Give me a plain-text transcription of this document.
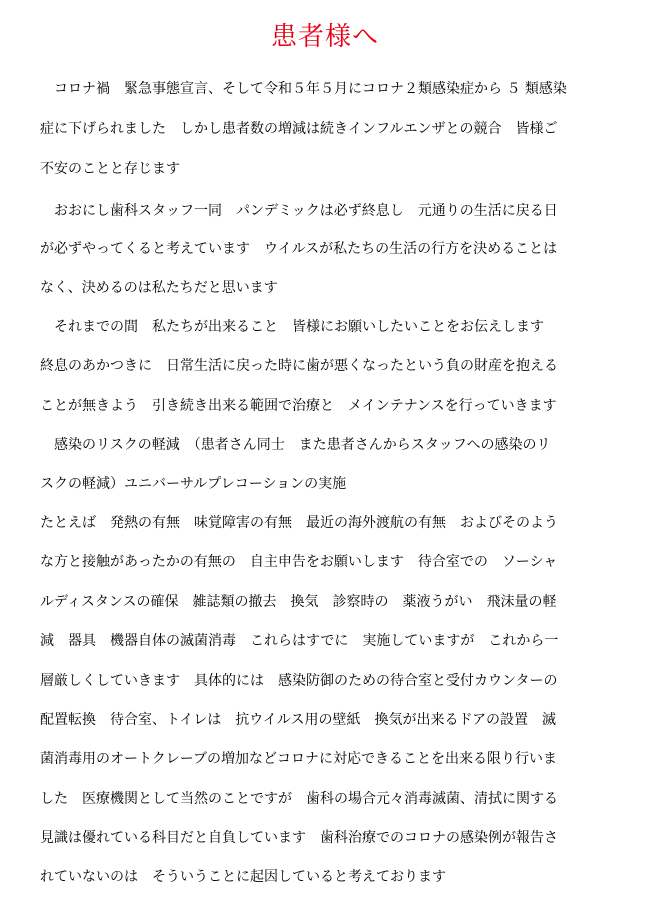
患者様へ

　コロナ禍　緊急事態宣言、そして令和５年５月にコロナ２類感染症から ５ 類感染

症に下げられました　しかし患者数の増減は続きインフルエンザとの競合　皆様ご

不安のことと存じます

　おおにし歯科スタッフ一同　パンデミックは必ず終息し　元通りの生活に戻る日

が必ずやってくると考えています　ウイルスが私たちの生活の行方を決めることは

なく、決めるのは私たちだと思います

　それまでの間　私たちが出来ること　皆様にお願いしたいことをお伝えします

終息のあかつきに　日常生活に戻った時に歯が悪くなったという負の財産を抱える

ことが無きよう　引き続き出来る範囲で治療と　メインテナンスを行っていきます

　感染のリスクの軽減　（患者さん同士　また患者さんからスタッフへの感染のリ

スクの軽減）ユニバーサルプレコーションの実施

たとえば　発熱の有無　味覚障害の有無　最近の海外渡航の有無　およびそのよう

な方と接触があったかの有無の　自主申告をお願いします　待合室での　ソーシャ

ルディスタンスの確保　雑誌類の撤去　換気　診察時の　薬液うがい　飛沫量の軽

減　器具　機器自体の滅菌消毒　これらはすでに　実施していますが　これから一

層厳しくしていきます　具体的には　感染防御のための待合室と受付カウンターの

配置転換　待合室、トイレは　抗ウイルス用の壁紙　換気が出来るドアの設置　滅

菌消毒用のオートクレーブの増加などコロナに対応できることを出来る限り行いま

した　医療機関として当然のことですが　歯科の場合元々消毒滅菌、清拭に関する

見識は優れている科目だと自負しています　歯科治療でのコロナの感染例が報告さ

れていないのは　そういうことに起因していると考えております
